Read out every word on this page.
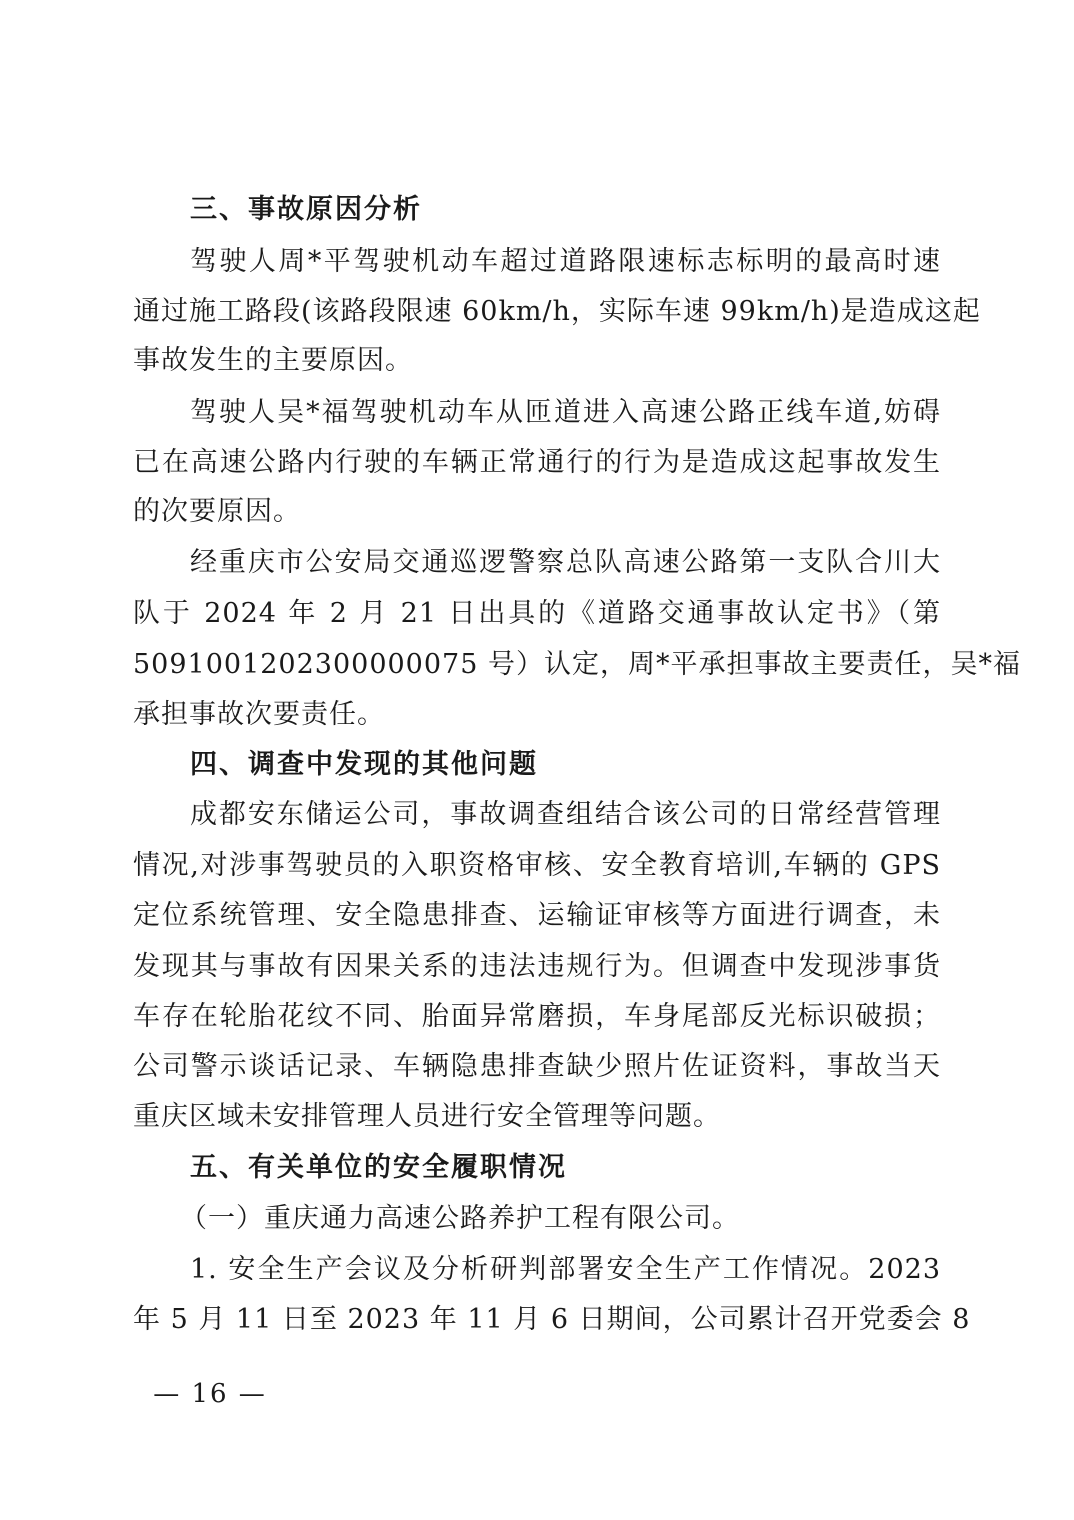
三、事故原因分析
驾驶人周*平驾驶机动车超过道路限速标志标明的最高时速
通过施工路段(该路段限速 60km/h，实际车速 99km/h)是造成这起
事故发生的主要原因。
驾驶人吴*福驾驶机动车从匝道进入高速公路正线车道,妨碍
已在高速公路内行驶的车辆正常通行的行为是造成这起事故发生
的次要原因。
经重庆市公安局交通巡逻警察总队高速公路第一支队合川大
队于 2024 年 2 月 21 日出具的《道路交通事故认定书》（第
5091001202300000075 号）认定，周*平承担事故主要责任，吴*福
承担事故次要责任。
四、调查中发现的其他问题
成都安东储运公司，事故调查组结合该公司的日常经营管理
情况,对涉事驾驶员的入职资格审核、安全教育培训,车辆的 GPS
定位系统管理、安全隐患排查、运输证审核等方面进行调查，未
发现其与事故有因果关系的违法违规行为。但调查中发现涉事货
车存在轮胎花纹不同、胎面异常磨损，车身尾部反光标识破损；
公司警示谈话记录、车辆隐患排查缺少照片佐证资料，事故当天
重庆区域未安排管理人员进行安全管理等问题。
五、有关单位的安全履职情况
（一）重庆通力高速公路养护工程有限公司。
1. 安全生产会议及分析研判部署安全生产工作情况。2023
年 5 月 11 日至 2023 年 11 月 6 日期间，公司累计召开党委会 8
— 16 —
